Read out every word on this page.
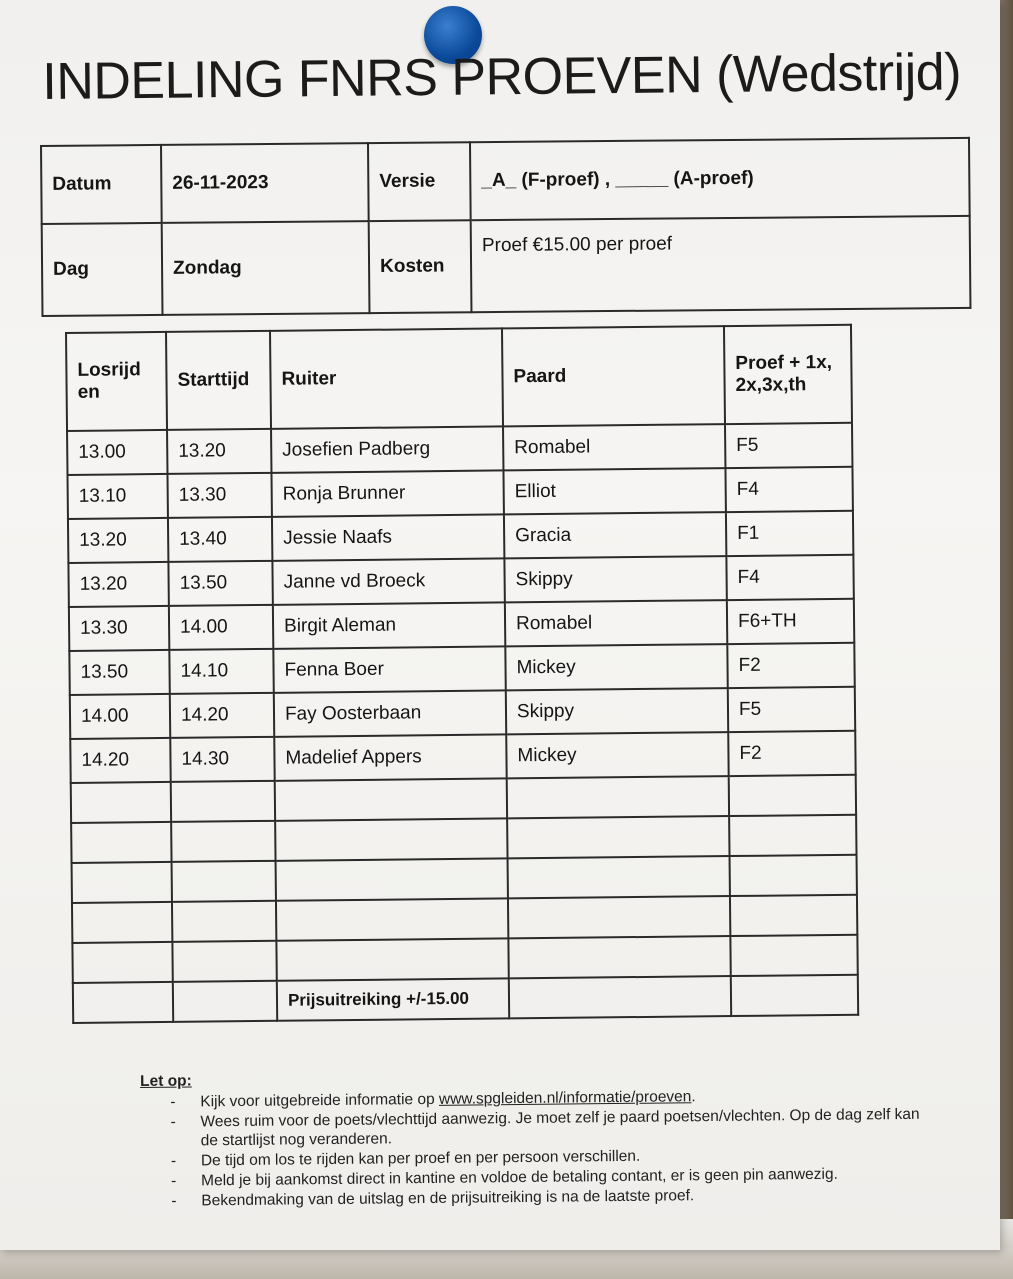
INDELING FNRS PROEVEN (Wedstrijd)
Datum	26-11-2023	Versie	_A_ (F-proef) , _____ (A-proef)
Dag	Zondag	Kosten	Proef €15.00 per proef
Losrijd en	Starttijd	Ruiter	Paard	Proef + 1x, 2x,3x,th
13.00	13.20	Josefien Padberg	Romabel	F5
13.10	13.30	Ronja Brunner	Elliot	F4
13.20	13.40	Jessie Naafs	Gracia	F1
13.20	13.50	Janne vd Broeck	Skippy	F4
13.30	14.00	Birgit Aleman	Romabel	F6+TH
13.50	14.10	Fenna Boer	Mickey	F2
14.00	14.20	Fay Oosterbaan	Skippy	F5
14.20	14.30	Madelief Appers	Mickey	F2

		Prijsuitreiking +/-15.00		
Let op:
- Kijk voor uitgebreide informatie op www.spgleiden.nl/informatie/proeven.
- Wees ruim voor de poets/vlechttijd aanwezig. Je moet zelf je paard poetsen/vlechten. Op de dag zelf kan de startlijst nog veranderen.
- De tijd om los te rijden kan per proef en per persoon verschillen.
- Meld je bij aankomst direct in kantine en voldoe de betaling contant, er is geen pin aanwezig.
- Bekendmaking van de uitslag en de prijsuitreiking is na de laatste proef.
